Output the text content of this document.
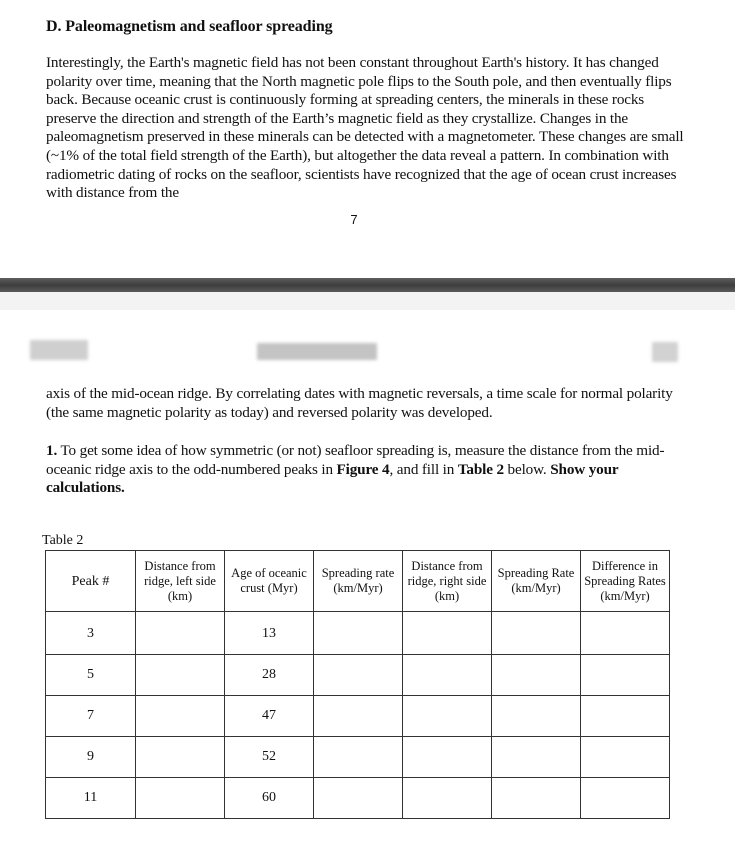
D. Paleomagnetism and seafloor spreading

Interestingly, the Earth's magnetic field has not been constant throughout Earth's history. It has changed polarity over time, meaning that the North magnetic pole flips to the South pole, and then eventually flips back. Because oceanic crust is continuously forming at spreading centers, the minerals in these rocks preserve the direction and strength of the Earth’s magnetic field as they crystallize. Changes in the paleomagnetism preserved in these minerals can be detected with a magnetometer. These changes are small (~1% of the total field strength of the Earth), but altogether the data reveal a pattern. In combination with radiometric dating of rocks on the seafloor, scientists have recognized that the age of ocean crust increases with distance from the

7

axis of the mid-ocean ridge. By correlating dates with magnetic reversals, a time scale for normal polarity (the same magnetic polarity as today) and reversed polarity was developed.

1. To get some idea of how symmetric (or not) seafloor spreading is, measure the distance from the mid-oceanic ridge axis to the odd-numbered peaks in Figure 4, and fill in Table 2 below. Show your calculations.

Table 2

Peak #	Distance from ridge, left side (km)	Age of oceanic crust (Myr)	Spreading rate (km/Myr)	Distance from ridge, right side (km)	Spreading Rate (km/Myr)	Difference in Spreading Rates (km/Myr)
3		13				
5		28				
7		47				
9		52				
11		60				
